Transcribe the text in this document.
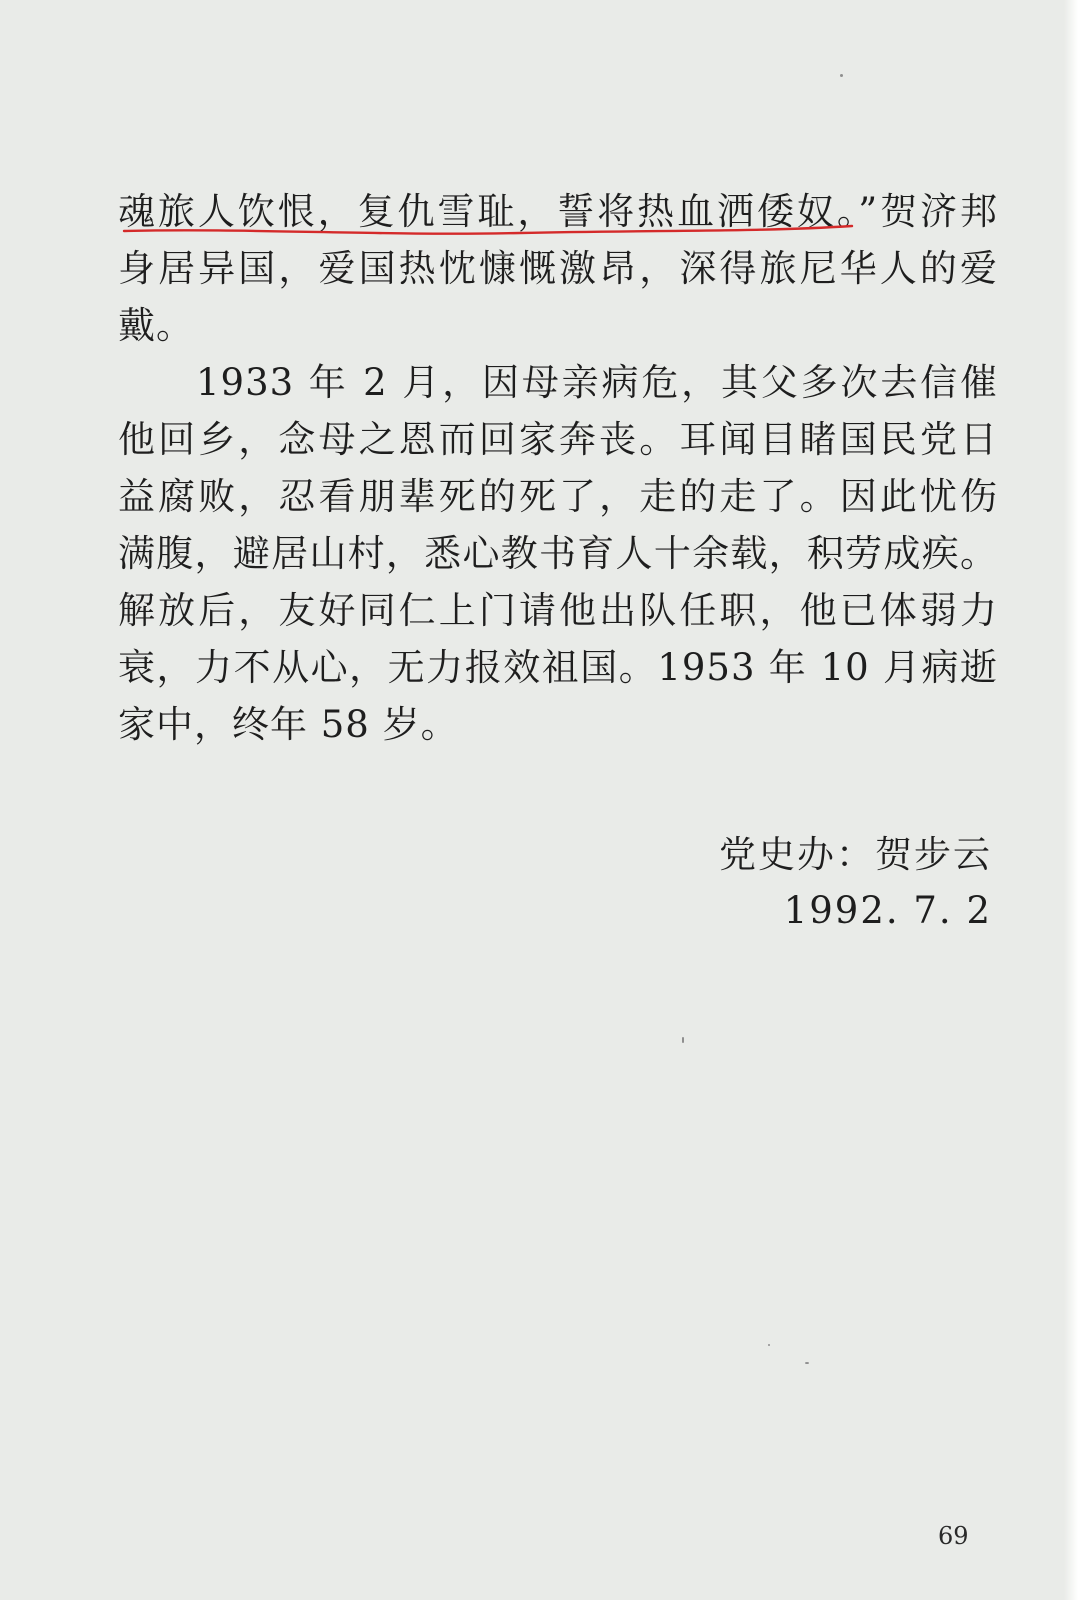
魂旅人饮恨，复仇雪耻，誓将热血洒倭奴。”贺济邦

身居异国，爱国热忱慷慨激昂，深得旅尼华人的爱

戴。

1933 年 2 月，因母亲病危，其父多次去信催

他回乡，念母之恩而回家奔丧。耳闻目睹国民党日

益腐败，忍看朋辈死的死了，走的走了。因此忧伤

满腹，避居山村，悉心教书育人十余载，积劳成疾。

解放后，友好同仁上门请他出队任职，他已体弱力

衰，力不从心，无力报效祖国。1953 年 10 月病逝

家中，终年 58 岁。

党史办：贺步云
1992. 7. 2
69
